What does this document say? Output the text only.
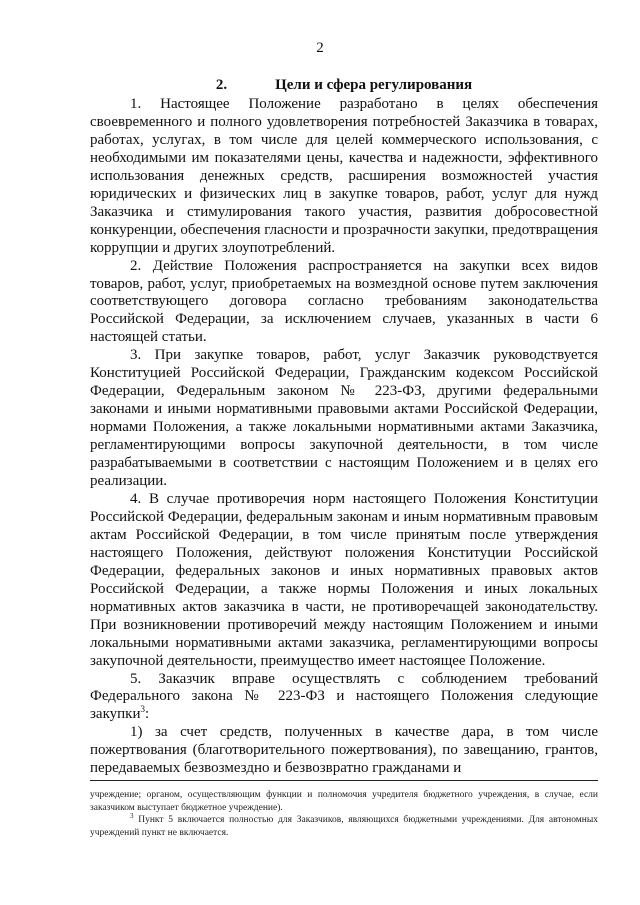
2
2.	Цели и сфера регулирования

1. Настоящее Положение разработано в целях обеспечения своевременного и полного удовлетворения потребностей Заказчика в товарах, работах, услугах, в том числе для целей коммерческого использования, с необходимыми им показателями цены, качества и надежности, эффективного использования денежных средств, расширения возможностей участия юридических и физических лиц в закупке товаров, работ, услуг для нужд Заказчика и стимулирования такого участия, развития добросовестной конкуренции, обеспечения гласности и прозрачности закупки, предотвращения коррупции и других злоупотреблений.

2. Действие Положения распространяется на закупки всех видов товаров, работ, услуг, приобретаемых на возмездной основе путем заключения соответствующего договора согласно требованиям законодательства Российской Федерации, за исключением случаев, указанных в части 6 настоящей статьи.

3. При закупке товаров, работ, услуг Заказчик руководствуется Конституцией Российской Федерации, Гражданским кодексом Российской Федерации, Федеральным законом № 223-ФЗ, другими федеральными законами и иными нормативными правовыми актами Российской Федерации, нормами Положения, а также локальными нормативными актами Заказчика, регламентирующими вопросы закупочной деятельности, в том числе разрабатываемыми в соответствии с настоящим Положением и в целях его реализации.

4. В случае противоречия норм настоящего Положения Конституции Российской Федерации, федеральным законам и иным нормативным правовым актам Российской Федерации, в том числе принятым после утверждения настоящего Положения, действуют положения Конституции Российской Федерации, федеральных законов и иных нормативных правовых актов Российской Федерации, а также нормы Положения и иных локальных нормативных актов заказчика в части, не противоречащей законодательству. При возникновении противоречий между настоящим Положением и иными локальными нормативными актами заказчика, регламентирующими вопросы закупочной деятельности, преимущество имеет настоящее Положение.

5. Заказчик вправе осуществлять с соблюдением требований Федерального закона № 223-ФЗ и настоящего Положения следующие закупки$^3$:

1) за счет средств, полученных в качестве дара, в том числе пожертвования (благотворительного пожертвования), по завещанию, грантов, передаваемых безвозмездно и безвозвратно гражданами и

учреждение; органом, осуществляющим функции и полномочия учредителя бюджетного учреждения, в случае, если заказчиком выступает бюджетное учреждение).

$^3$ Пункт 5 включается полностью для Заказчиков, являющихся бюджетными учреждениями. Для автономных учреждений пункт не включается.
